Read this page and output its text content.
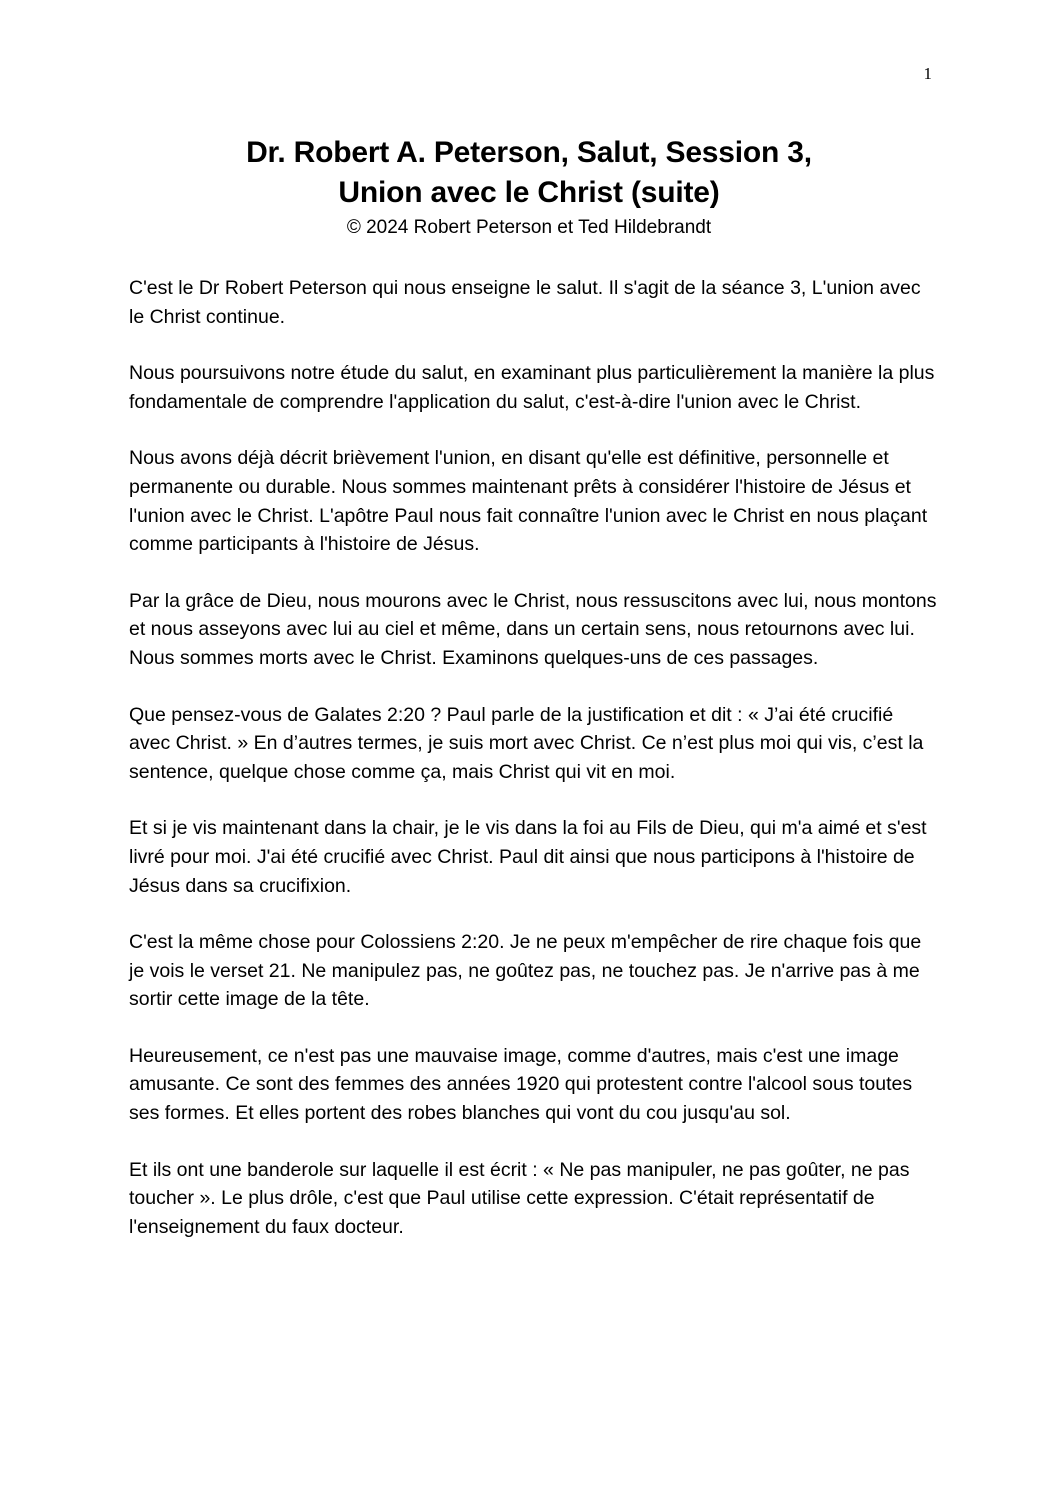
1
Dr. Robert A. Peterson, Salut, Session 3,
Union avec le Christ (suite)
© 2024 Robert Peterson et Ted Hildebrandt

C'est le Dr Robert Peterson qui nous enseigne le salut. Il s'agit de la séance 3, L'union avec le Christ continue.

Nous poursuivons notre étude du salut, en examinant plus particulièrement la manière la plus fondamentale de comprendre l'application du salut, c'est-à-dire l'union avec le Christ.

Nous avons déjà décrit brièvement l'union, en disant qu'elle est définitive, personnelle et permanente ou durable. Nous sommes maintenant prêts à considérer l'histoire de Jésus et l'union avec le Christ. L'apôtre Paul nous fait connaître l'union avec le Christ en nous plaçant comme participants à l'histoire de Jésus.

Par la grâce de Dieu, nous mourons avec le Christ, nous ressuscitons avec lui, nous montons et nous asseyons avec lui au ciel et même, dans un certain sens, nous retournons avec lui. Nous sommes morts avec le Christ. Examinons quelques-uns de ces passages.

Que pensez-vous de Galates 2:20 ? Paul parle de la justification et dit : « J’ai été crucifié avec Christ. » En d’autres termes, je suis mort avec Christ. Ce n’est plus moi qui vis, c’est la sentence, quelque chose comme ça, mais Christ qui vit en moi.

Et si je vis maintenant dans la chair, je le vis dans la foi au Fils de Dieu, qui m'a aimé et s'est livré pour moi. J'ai été crucifié avec Christ. Paul dit ainsi que nous participons à l'histoire de Jésus dans sa crucifixion.

C'est la même chose pour Colossiens 2:20. Je ne peux m'empêcher de rire chaque fois que je vois le verset 21. Ne manipulez pas, ne goûtez pas, ne touchez pas. Je n'arrive pas à me sortir cette image de la tête.

Heureusement, ce n'est pas une mauvaise image, comme d'autres, mais c'est une image amusante. Ce sont des femmes des années 1920 qui protestent contre l'alcool sous toutes ses formes. Et elles portent des robes blanches qui vont du cou jusqu'au sol.

Et ils ont une banderole sur laquelle il est écrit : « Ne pas manipuler, ne pas goûter, ne pas toucher ». Le plus drôle, c'est que Paul utilise cette expression. C'était représentatif de l'enseignement du faux docteur.
